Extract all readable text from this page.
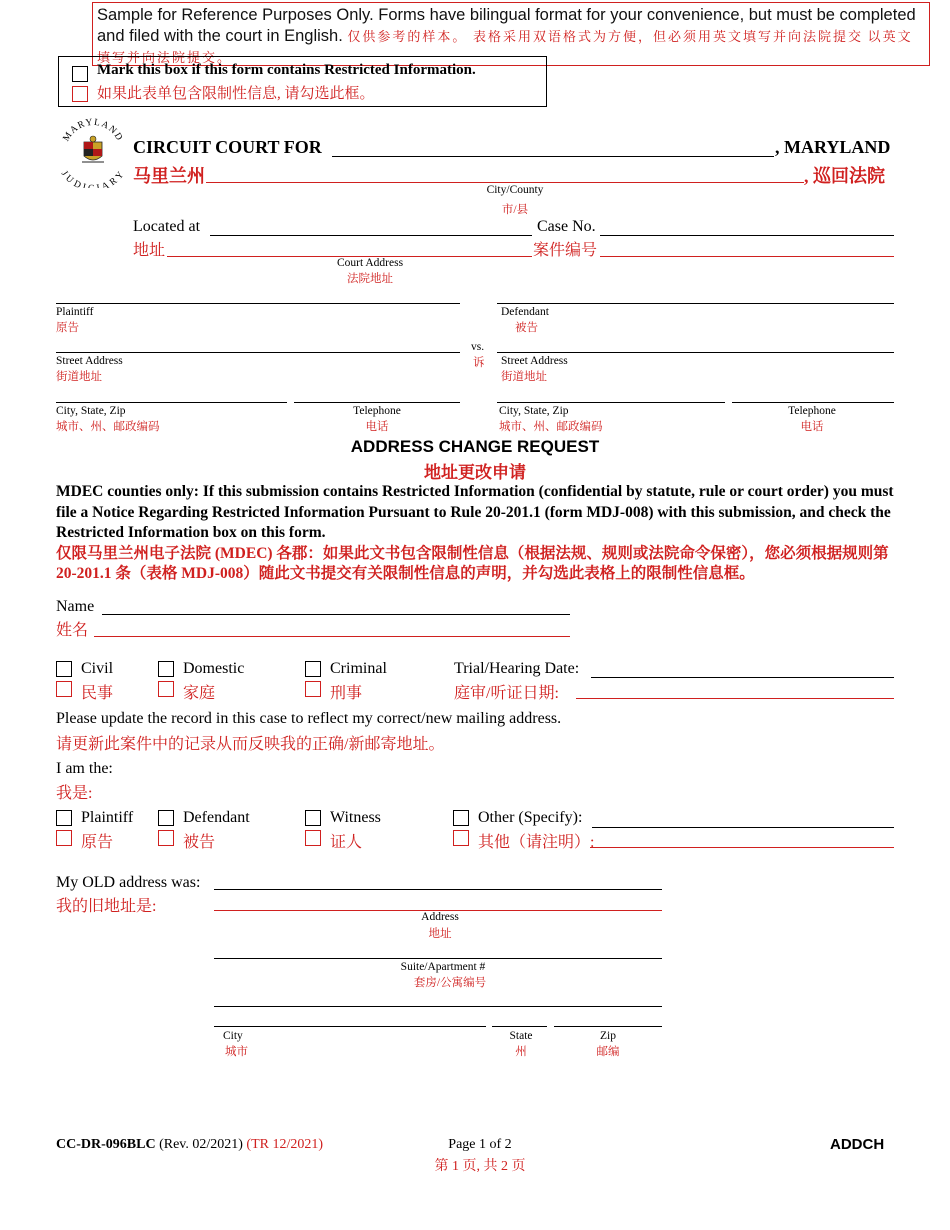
Sample for Reference Purposes Only. Forms have bilingual format for your convenience, but must be completed and filed with the court in English. 仅供参考的样本。 表格采用双语格式为方便，但必须用英文填写并向法院提交 以英文填写并向法院提交。
Mark this box if this form contains Restricted Information.
如果此表单包含限制性信息, 请勾选此框。
MARYLAND
JUDI ARY
CIRCUIT COURT FOR	, MARYLAND
马里兰州	, 巡回法院
City/County
市/县
Located at	Case No.
地址	案件编号
Court Address
法院地址
Plaintiff
原告
Street Address
街道地址
City, State, Zip
城市、州、邮政编码
Telephone
电话
vs.
诉
Defendant
被告
Street Address
街道地址
City, State, Zip
城市、州、邮政编码
Telephone
电话
ADDRESS CHANGE REQUEST
地址更改申请
MDEC counties only: If this submission contains Restricted Information (confidential by statute, rule or court order) you must file a Notice Regarding Restricted Information Pursuant to Rule 20-201.1 (form MDJ-008) with this submission, and check the Restricted Information box on this form.
仅限马里兰州电子法院 (MDEC) 各郡：如果此文书包含限制性信息（根据法规、规则或法院命令保密），您必须根据规则第 20-201.1 条（表格 MDJ-008）随此文书提交有关限制性信息的声明，并勾选此表格上的限制性信息框。
Name
姓名
Civil
民事
Domestic
家庭
Criminal
刑事
Trial/Hearing Date:
庭审/听证日期:
Please update the record in this case to reflect my correct/new mailing address.
请更新此案件中的记录从而反映我的正确/新邮寄地址。
I am the:
我是:
Plaintiff
原告
Defendant
被告
Witness
证人
Other (Specify):
其他（请注明）:
My OLD address was:
我的旧地址是:
Address
地址
Suite/Apartment #
套房/公寓编号
City
城市
State
州
Zip
邮编
CC-DR-096BLC (Rev. 02/2021) (TR 12/2021)	Page 1 of 2
第 1 页, 共 2 页
ADDCH
